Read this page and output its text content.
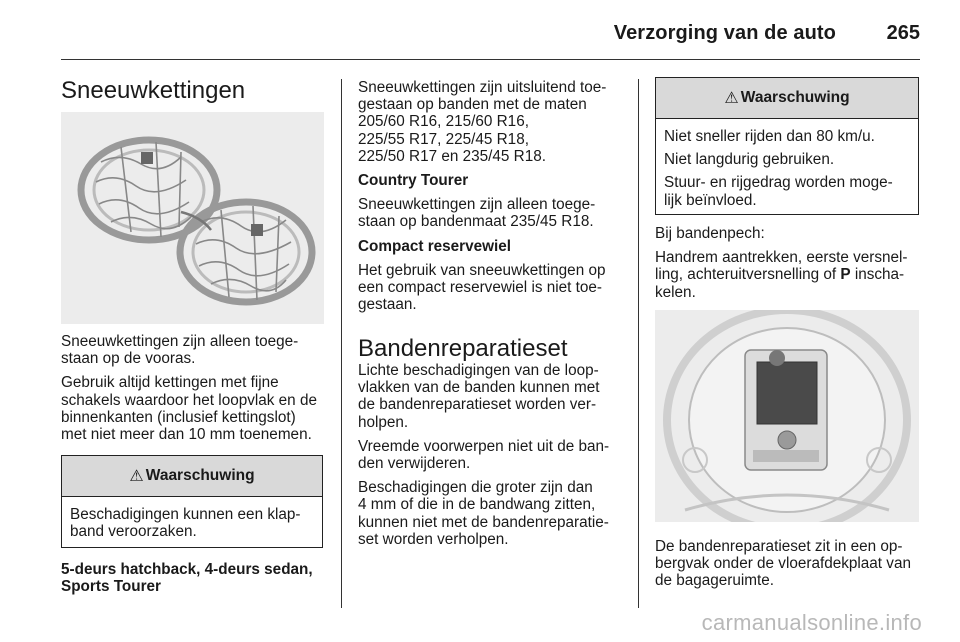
Verzorging van de auto	265
Sneeuwkettingen

Sneeuwkettingen zijn alleen toege-
staan op de vooras.

Gebruik altijd kettingen met fijne
schakels waardoor het loopvlak en de
binnenkanten (inclusief kettingslot)
met niet meer dan 10 mm toenemen.

⚠ Waarschuwing

Beschadigingen kunnen een klap-
band veroorzaken.

5-deurs hatchback, 4-deurs sedan,
Sports Tourer

Sneeuwkettingen zijn uitsluitend toe-
gestaan op banden met de maten
205/60 R16, 215/60 R16,
225/55 R17, 225/45 R18,
225/50 R17 en 235/45 R18.

Country Tourer

Sneeuwkettingen zijn alleen toege-
staan op bandenmaat 235/45 R18.

Compact reservewiel

Het gebruik van sneeuwkettingen op
een compact reservewiel is niet toe-
gestaan.

Bandenreparatieset

Lichte beschadigingen van de loop-
vlakken van de banden kunnen met
de bandenreparatieset worden ver-
holpen.

Vreemde voorwerpen niet uit de ban-
den verwijderen.

Beschadigingen die groter zijn dan
4 mm of die in de bandwang zitten,
kunnen niet met de bandenreparatie-
set worden verholpen.

⚠ Waarschuwing

Niet sneller rijden dan 80 km/u.

Niet langdurig gebruiken.

Stuur- en rijgedrag worden moge-
lijk beïnvloed.

Bij bandenpech:

Handrem aantrekken, eerste versnel-
ling, achteruitversnelling of P inscha-
kelen.

De bandenreparatieset zit in een op-
bergvak onder de vloerafdekplaat van
de bagageruimte.

carmanualsonline.info
